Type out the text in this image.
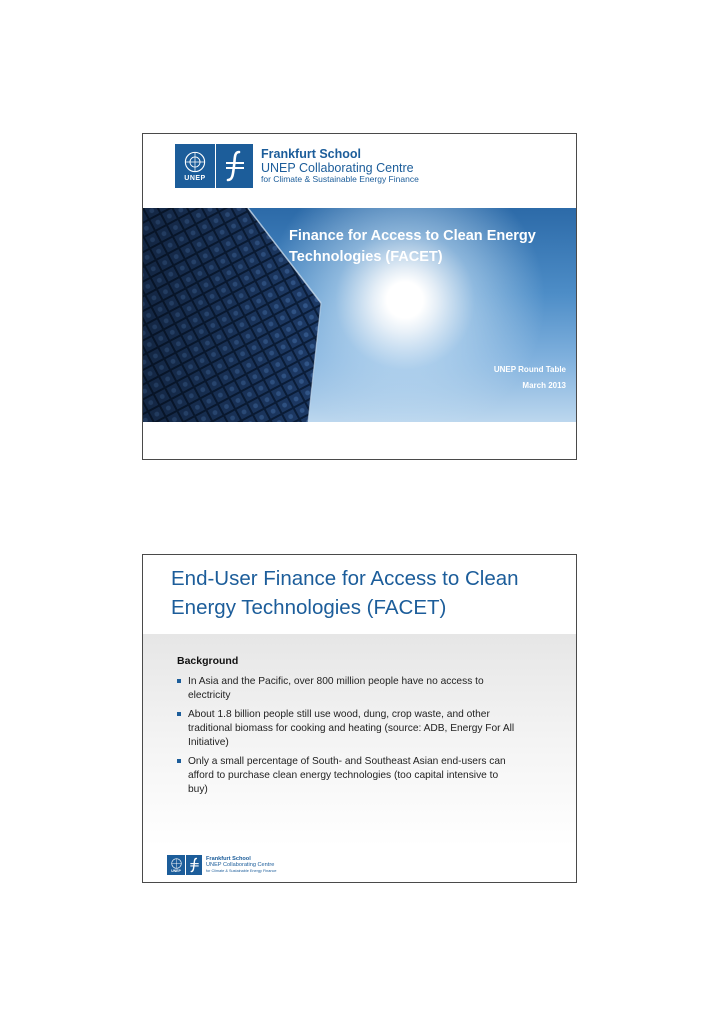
UNEP
Frankfurt School
UNEP Collaborating Centre
for Climate & Sustainable Energy Finance
Finance for Access to Clean Energy
Technologies (FACET)
UNEP Round Table
March 2013
End-User Finance for Access to Clean
Energy Technologies (FACET)
Background
In Asia and the Pacific, over 800 million people have no access to electricity
About 1.8 billion people still use wood, dung, crop waste, and other traditional biomass for cooking and heating (source: ADB, Energy For All Initiative)
Only a small percentage of South- and Southeast Asian end-users can afford to purchase clean energy technologies (too capital intensive to buy)
UNEP
Frankfurt School
UNEP Collaborating Centre
for Climate & Sustainable Energy Finance
